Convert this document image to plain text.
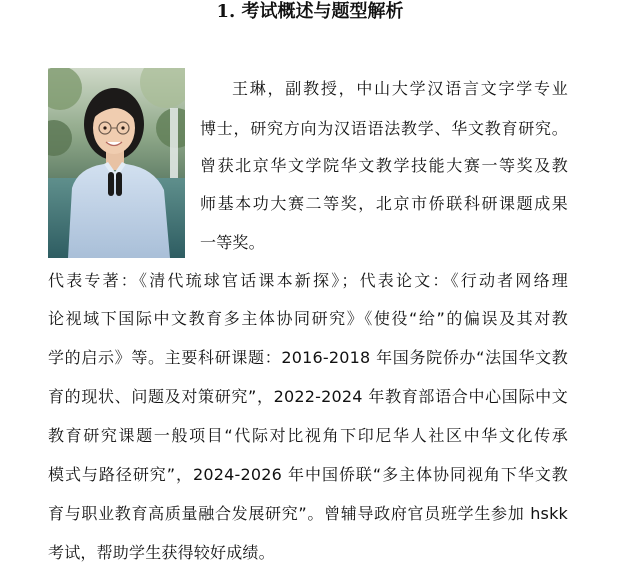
1. 考试概述与题型解析
王琳，副教授，中山大学汉语言文字学专业
博士，研究方向为汉语语法教学、华文教育研究。
曾获北京华文学院华文教学技能大赛一等奖及教
师基本功大赛二等奖，北京市侨联科研课题成果
一等奖。
代表专著：《清代琉球官话课本新探》；代表论文：《行动者网络理
论视域下国际中文教育多主体协同研究》《使役“给”的偏误及其对教
学的启示》等。主要科研课题：2016-2018 年国务院侨办“法国华文教
育的现状、问题及对策研究”，2022-2024 年教育部语合中心国际中文
教育研究课题一般项目“代际对比视角下印尼华人社区中华文化传承
模式与路径研究”，2024-2026 年中国侨联“多主体协同视角下华文教
育与职业教育高质量融合发展研究”。曾辅导政府官员班学生参加 hskk
考试，帮助学生获得较好成绩。
